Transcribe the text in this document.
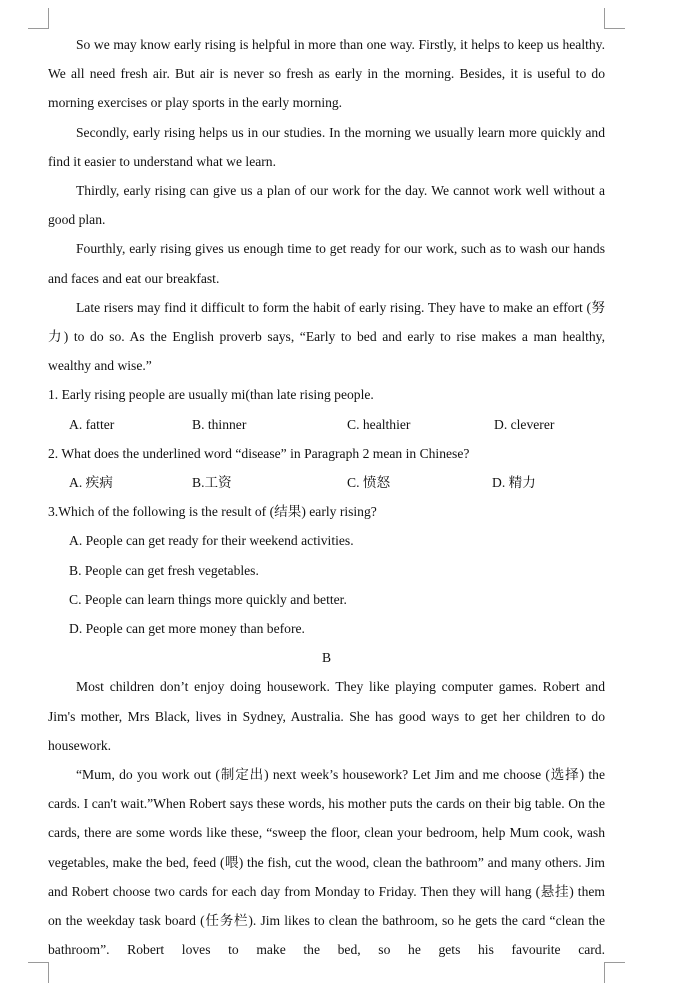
So we may know early rising is helpful in more than one way. Firstly, it helps to keep us healthy. We all need fresh air. But air is never so fresh as early in the morning. Besides, it is useful to do morning exercises or play sports in the early morning.

Secondly, early rising helps us in our studies. In the morning we usually learn more quickly and find it easier to understand what we learn.

Thirdly, early rising can give us a plan of our work for the day. We cannot work well without a good plan.

Fourthly, early rising gives us enough time to get ready for our work, such as to wash our hands and faces and eat our breakfast.

Late risers may find it difficult to form the habit of early rising. They have to make an effort (努力) to do so. As the English proverb says, “Early to bed and early to rise makes a man healthy, wealthy and wise.”

1. Early rising people are usually mi(than late rising people.

A. fatter	B. thinner	C. healthier	D. cleverer

2. What does the underlined word “disease” in Paragraph 2 mean in Chinese?

A. 疾病	B.工资	C. 愤怒	D. 精力

3.Which of the following is the result of (结果) early rising?

A. People can get ready for their weekend activities.

B. People can get fresh vegetables.

C. People can learn things more quickly and better.

D. People can get more money than before.

B

Most children don’t enjoy doing housework. They like playing computer games. Robert and Jim's mother, Mrs Black, lives in Sydney, Australia. She has good ways to get her children to do housework.

“Mum, do you work out (制定出) next week’s housework? Let Jim and me choose (选择) the cards. I can't wait.”When Robert says these words, his mother puts the cards on their big table. On the cards, there are some words like these, “sweep the floor, clean your bedroom, help Mum cook, wash vegetables, make the bed, feed (喂) the fish, cut the wood, clean the bathroom” and many others. Jim and Robert choose two cards for each day from Monday to Friday. Then they will hang (悬挂) them on the weekday task board (任务栏). Jim likes to clean the bathroom, so he gets the card “clean the bathroom”. Robert loves to make the bed, so he gets his favourite card.
